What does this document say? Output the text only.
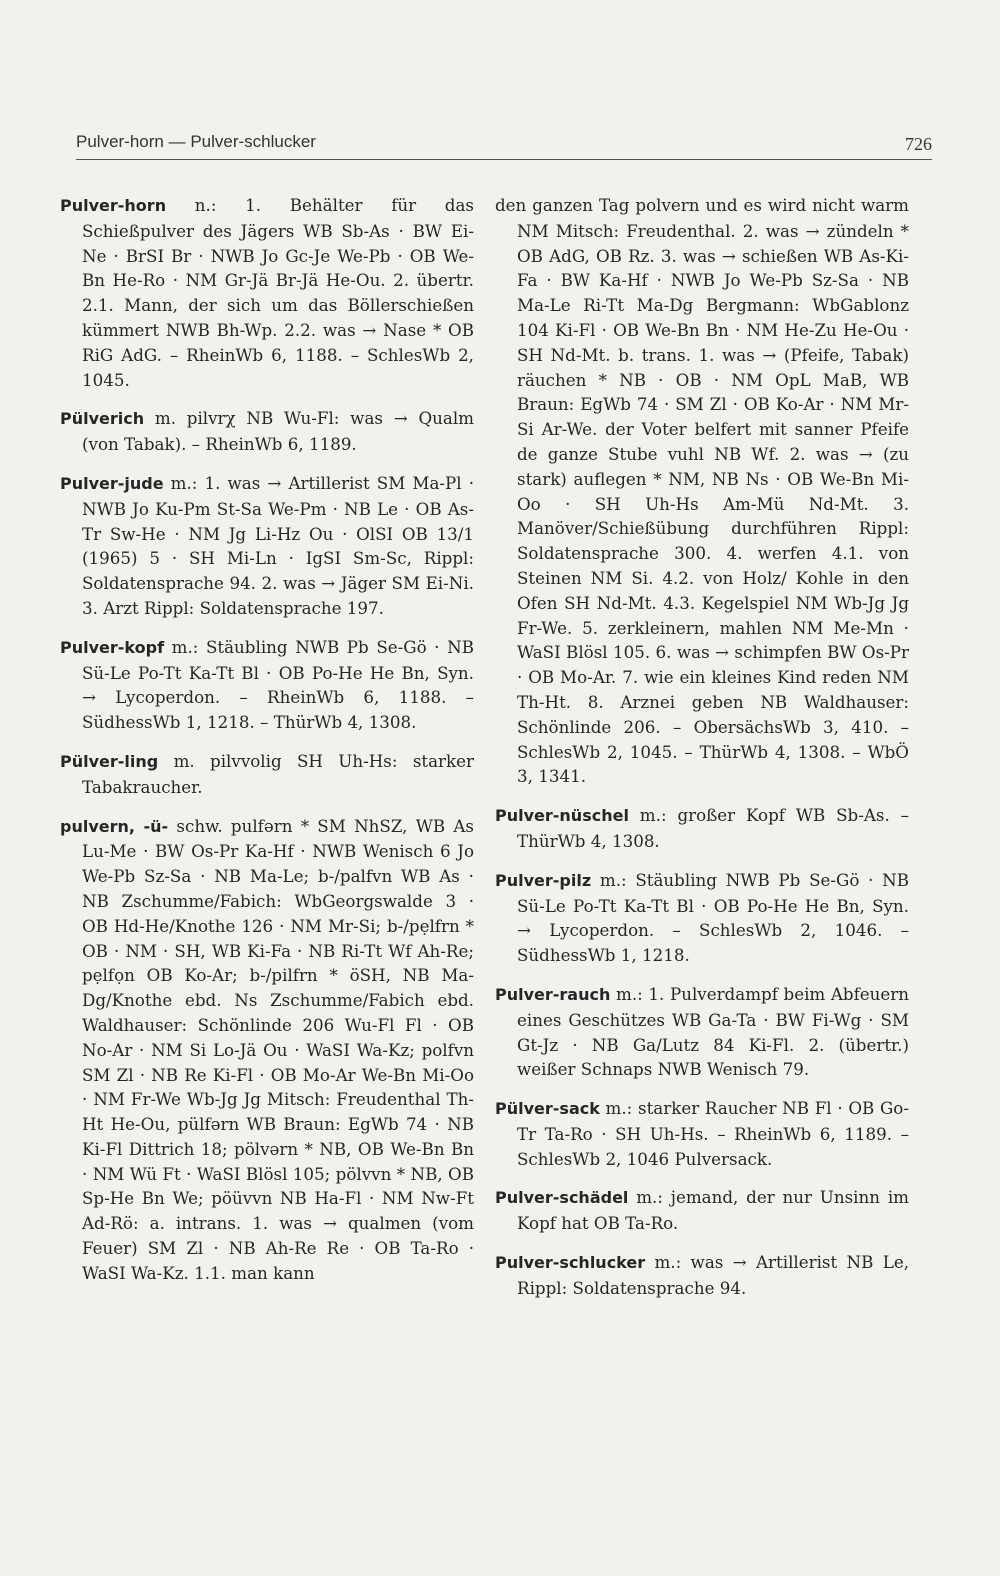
Pulver-horn — Pulver-schlucker	726

Pulver-horn n.: 1. Behälter für das Schießpulver des Jägers WB Sb-As · BW Ei-Ne · BrSI Br · NWB Jo Gc-Je We-Pb · OB We-Bn He-Ro · NM Gr-Jä Br-Jä He-Ou. 2. übertr. 2.1. Mann, der sich um das Böllerschießen kümmert NWB Bh-Wp. 2.2. was → Nase * OB RiG AdG. – RheinWb 6, 1188. – SchlesWb 2, 1045.

Pülverich m. pilvrχ NB Wu-Fl: was → Qualm (von Tabak). – RheinWb 6, 1189.

Pulver-jude m.: 1. was → Artillerist SM Ma-Pl · NWB Jo Ku-Pm St-Sa We-Pm · NB Le · OB As-Tr Sw-He · NM Jg Li-Hz Ou · OlSI OB 13/1 (1965) 5 · SH Mi-Ln · IgSI Sm-Sc, Rippl: Soldatensprache 94. 2. was → Jäger SM Ei-Ni. 3. Arzt Rippl: Soldatensprache 197.

Pulver-kopf m.: Stäubling NWB Pb Se-Gö · NB Sü-Le Po-Tt Ka-Tt Bl · OB Po-He He Bn, Syn. → Lycoperdon. – RheinWb 6, 1188. – SüdhessWb 1, 1218. – ThürWb 4, 1308.

Pülver-ling m. pilvvolig SH Uh-Hs: starker Tabakraucher.

pulvern, -ü- schw. pulfərn * SM NhSZ, WB As Lu-Me · BW Os-Pr Ka-Hf · NWB Wenisch 6 Jo We-Pb Sz-Sa · NB Ma-Le; b-/palfvn WB As · NB Zschumme/Fabich: WbGeorgswalde 3 · OB Hd-He/Knothe 126 · NM Mr-Si; b-/pẹlfrn * OB · NM · SH, WB Ki-Fa · NB Ri-Tt Wf Ah-Re; pẹlfọn OB Ko-Ar; b-/pilfrn * öSH, NB Ma-Dg/Knothe ebd. Ns Zschumme/Fabich ebd. Waldhauser: Schönlinde 206 Wu-Fl Fl · OB No-Ar · NM Si Lo-Jä Ou · WaSI Wa-Kz; polfvn SM Zl · NB Re Ki-Fl · OB Mo-Ar We-Bn Mi-Oo · NM Fr-We Wb-Jg Jg Mitsch: Freudenthal Th-Ht He-Ou, pülfərn WB Braun: EgWb 74 · NB Ki-Fl Dittrich 18; pölvərn * NB, OB We-Bn Bn · NM Wü Ft · WaSI Blösl 105; pölvvn * NB, OB Sp-He Bn We; pöüvvn NB Ha-Fl · NM Nw-Ft Ad-Rö: a. intrans. 1. was → qualmen (vom Feuer) SM Zl · NB Ah-Re Re · OB Ta-Ro · WaSI Wa-Kz. 1.1. man kann

den ganzen Tag polvern und es wird nicht warm NM Mitsch: Freudenthal. 2. was → zündeln * OB AdG, OB Rz. 3. was → schießen WB As-Ki-Fa · BW Ka-Hf · NWB Jo We-Pb Sz-Sa · NB Ma-Le Ri-Tt Ma-Dg Bergmann: WbGablonz 104 Ki-Fl · OB We-Bn Bn · NM He-Zu He-Ou · SH Nd-Mt. b. trans. 1. was → (Pfeife, Tabak) räuchen * NB · OB · NM OpL MaB, WB Braun: EgWb 74 · SM Zl · OB Ko-Ar · NM Mr-Si Ar-We. der Voter belfert mit sanner Pfeife de ganze Stube vuhl NB Wf. 2. was → (zu stark) auflegen * NM, NB Ns · OB We-Bn Mi-Oo · SH Uh-Hs Am-Mü Nd-Mt. 3. Manöver/Schießübung durchführen Rippl: Soldatensprache 300. 4. werfen 4.1. von Steinen NM Si. 4.2. von Holz/ Kohle in den Ofen SH Nd-Mt. 4.3. Kegelspiel NM Wb-Jg Jg Fr-We. 5. zerkleinern, mahlen NM Me-Mn · WaSI Blösl 105. 6. was → schimpfen BW Os-Pr · OB Mo-Ar. 7. wie ein kleines Kind reden NM Th-Ht. 8. Arznei geben NB Waldhauser: Schönlinde 206. – ObersächsWb 3, 410. – SchlesWb 2, 1045. – ThürWb 4, 1308. – WbÖ 3, 1341.

Pulver-nüschel m.: großer Kopf WB Sb-As. – ThürWb 4, 1308.

Pulver-pilz m.: Stäubling NWB Pb Se-Gö · NB Sü-Le Po-Tt Ka-Tt Bl · OB Po-He He Bn, Syn. → Lycoperdon. – SchlesWb 2, 1046. – SüdhessWb 1, 1218.

Pulver-rauch m.: 1. Pulverdampf beim Abfeuern eines Geschützes WB Ga-Ta · BW Fi-Wg · SM Gt-Jz · NB Ga/Lutz 84 Ki-Fl. 2. (übertr.) weißer Schnaps NWB Wenisch 79.

Pülver-sack m.: starker Raucher NB Fl · OB Go-Tr Ta-Ro · SH Uh-Hs. – RheinWb 6, 1189. – SchlesWb 2, 1046 Pulversack.

Pulver-schädel m.: jemand, der nur Unsinn im Kopf hat OB Ta-Ro.

Pulver-schlucker m.: was → Artillerist NB Le, Rippl: Soldatensprache 94.
